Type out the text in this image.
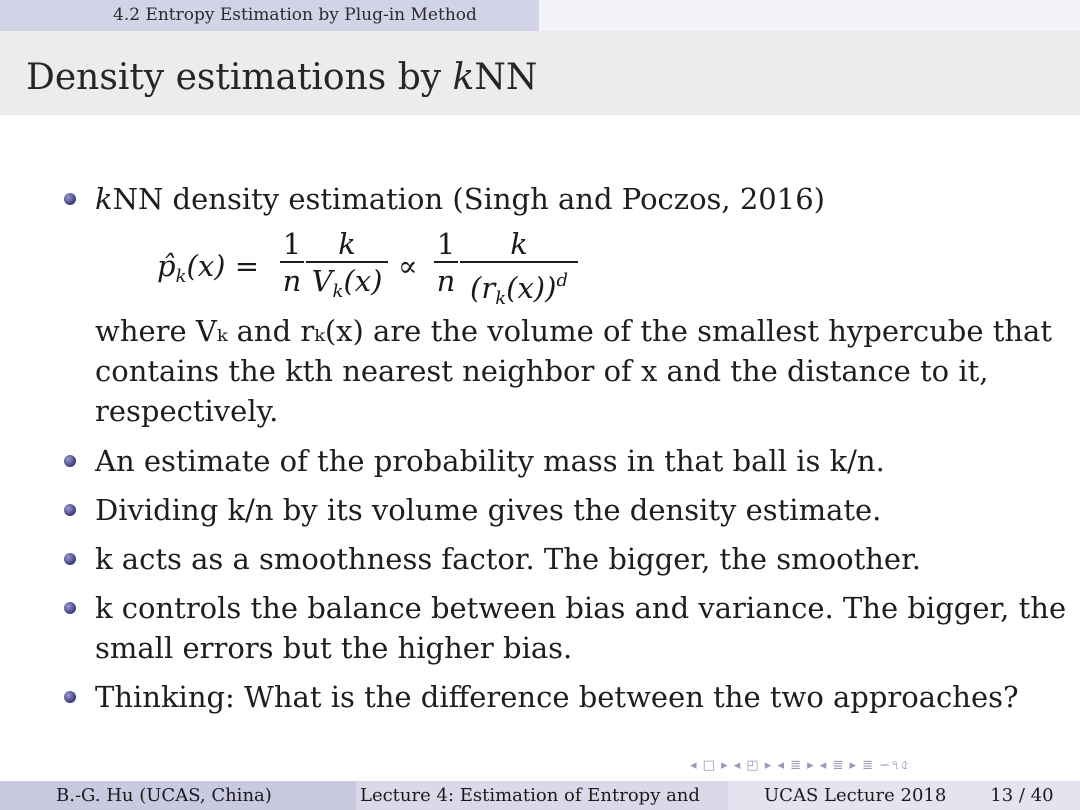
4.2 Entropy Estimation by Plug-in Method
Density estimations by kNN
kNN density estimation (Singh and Poczos, 2016)
$p̂_k(x)$ =
1
n
k
$V_k(x)$ ∝
1
n
k
$(r_k(x))^d$
where Vₖ and rₖ(x) are the volume of the smallest hypercube that
contains the kth nearest neighbor of x and the distance to it,
respectively.
An estimate of the probability mass in that ball is k/n.
Dividing k/n by its volume gives the density estimate.
k acts as a smoothness factor. The bigger, the smoother.
k controls the balance between bias and variance. The bigger, the
small errors but the higher bias.
Thinking: What is the difference between the two approaches?
◂ □ ▸ ◂ ◰ ▸ ◂ ≣ ▸ ◂ ≣ ▸ ≣ ∽৭৫
B.-G. Hu (UCAS, China)	Lecture 4: Estimation of Entropy and	UCAS Lecture 2018 13 / 40
